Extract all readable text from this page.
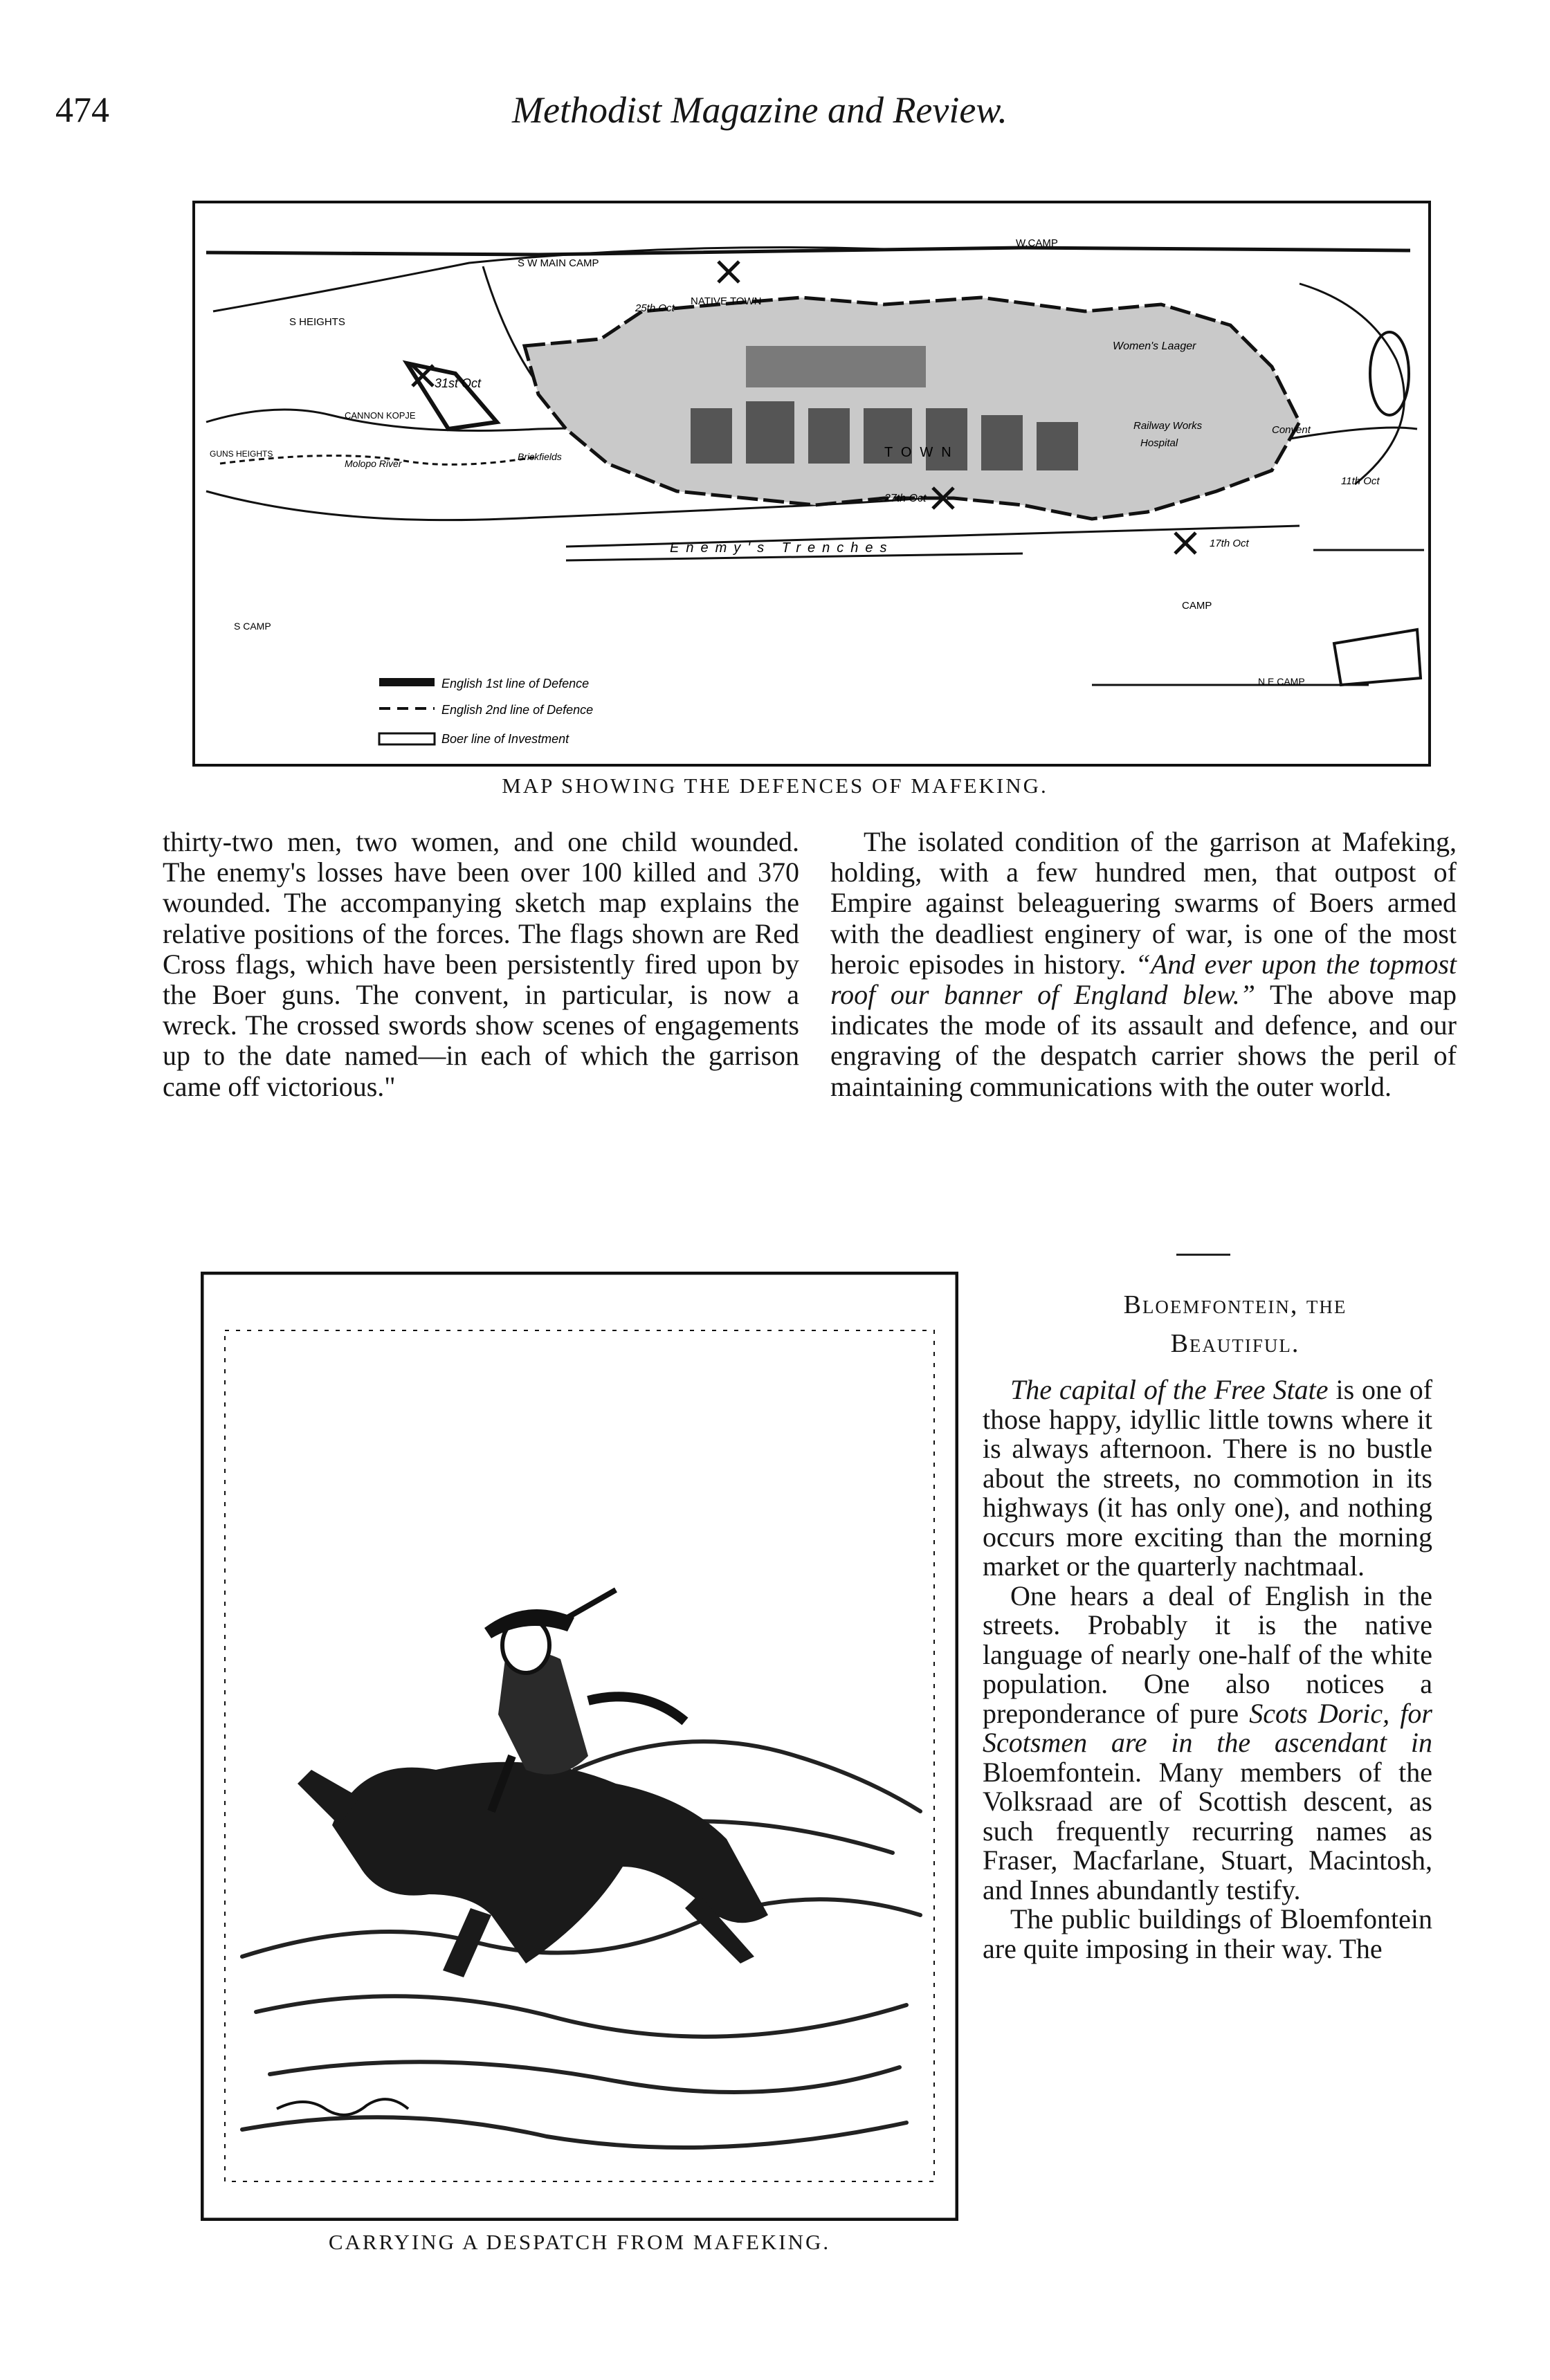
474	Methodist Magazine and Review.
W.CAMP
S W MAIN CAMP
S HEIGHTS
NATIVE TOWN
25th Oct
31st Oct
CANNON KOPJE
Women's Laager
Railway Works
Hospital
Convent
Molopo River
Brickfields
GUNS HEIGHTS	TOWN
27th Oct
Enemy's Trenches	17th Oct
CAMP
S CAMP
N E CAMP
11th Oct
English 1st line of Defence
English 2nd line of Defence
Boer line of Investment
MAP SHOWING THE DEFENCES OF MAFEKING.

thirty-two men, two women, and one child wounded. The enemy's losses have been over 100 killed and 370 wounded. The accompanying sketch map explains the relative positions of the forces. The flags shown are Red Cross flags, which have been persistently fired upon by the Boer guns. The convent, in particular, is now a wreck. The crossed swords show scenes of engagements up to the date named—in each of which the garrison came off victorious."

The isolated condition of the garrison at Mafeking, holding, with a few hundred men, that outpost of Empire against beleaguering swarms of Boers armed with the deadliest enginery of war, is one of the most heroic episodes in history. “And ever upon the topmost roof our banner of England blew.” The above map indicates the mode of its assault and defence, and our engraving of the despatch carrier shows the peril of maintaining communications with the outer world.

CARRYING A DESPATCH FROM MAFEKING.
Bloemfontein, the
Beautiful.

The capital of the Free State is one of those happy, idyllic little towns where it is always afternoon. There is no bustle about the streets, no commotion in its highways (it has only one), and nothing occurs more exciting than the morning market or the quarterly nachtmaal.

One hears a deal of English in the streets. Probably it is the native language of nearly one-half of the white population. One also notices a preponderance of pure Scots Doric, for Scotsmen are in the ascendant in Bloemfontein. Many members of the Volksraad are of Scottish descent, as such frequently recurring names as Fraser, Macfarlane, Stuart, Macintosh, and Innes abundantly testify.

The public buildings of Bloemfontein are quite imposing in their way. The
